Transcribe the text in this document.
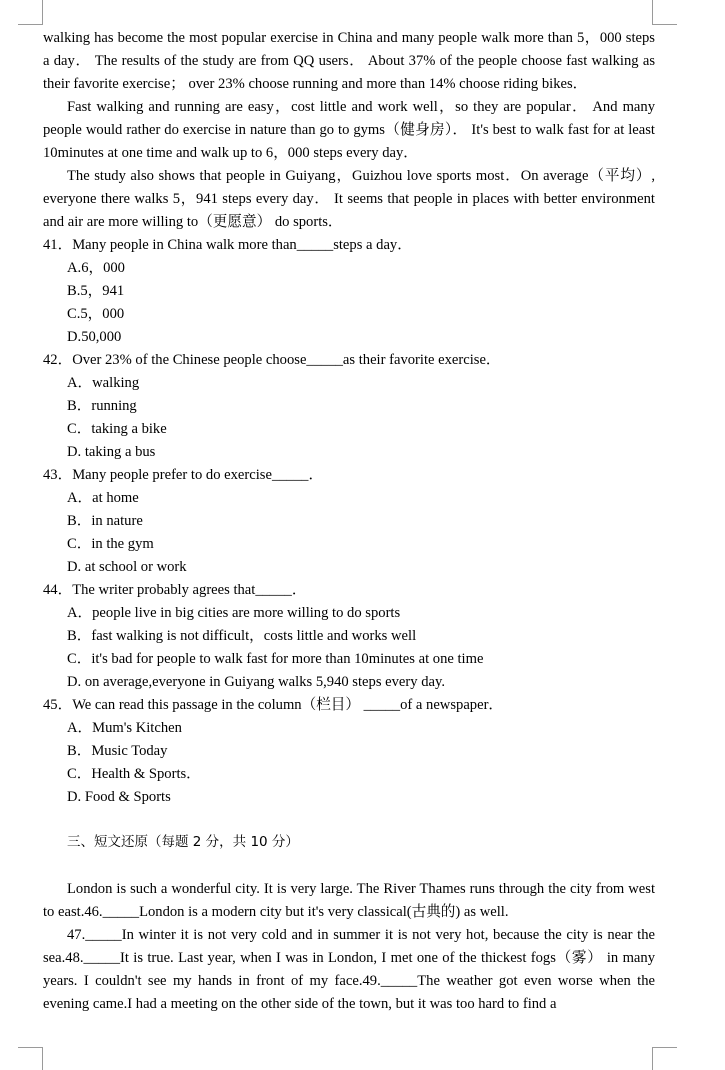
walking has become the most popular exercise in China and many people walk more than 5，000 steps a day． The results of the study are from QQ users． About 37% of the people choose fast walking as their favorite exercise； over 23% choose running and more than 14% choose riding bikes．

Fast walking and running are easy，cost little and work well，so they are popular． And many people would rather do exercise in nature than go to gyms（健身房）． It's best to walk fast for at least 10minutes at one time and walk up to 6，000 steps every day．

The study also shows that people in Guiyang，Guizhou love sports most．On average（平均）, everyone there walks 5，941 steps every day． It seems that people in places with better environment and air are more willing to（更愿意） do sports．

41．Many people in China walk more than_____steps a day．

A.6，000

B.5，941

C.5，000

D.50,000

42．Over 23% of the Chinese people choose_____as their favorite exercise．

A．walking

B．running

C．taking a bike

D. taking a bus

43．Many people prefer to do exercise_____．

A．at home

B．in nature

C．in the gym

D. at school or work

44．The writer probably agrees that_____．

A．people live in big cities are more willing to do sports

B．fast walking is not difficult，costs little and works well

C．it's bad for people to walk fast for more than 10minutes at one time

D. on average,everyone in Guiyang walks 5,940 steps every day.

45．We can read this passage in the column（栏目） _____of a newspaper．

A．Mum's Kitchen

B．Music Today

C．Health & Sports．

D. Food & Sports

三、短文还原（每题 2 分，共 10 分）

London is such a wonderful city. It is very large. The River Thames runs through the city from west to east.46._____London is a modern city but it's very classical(古典的) as well.

47._____In winter it is not very cold and in summer it is not very hot, because the city is near the sea.48._____It is true. Last year, when I was in London, I met one of the thickest fogs（雾） in many years. I couldn't see my hands in front of my face.49._____The weather got even worse when the evening came.I had a meeting on the other side of the town, but it was too hard to find a
